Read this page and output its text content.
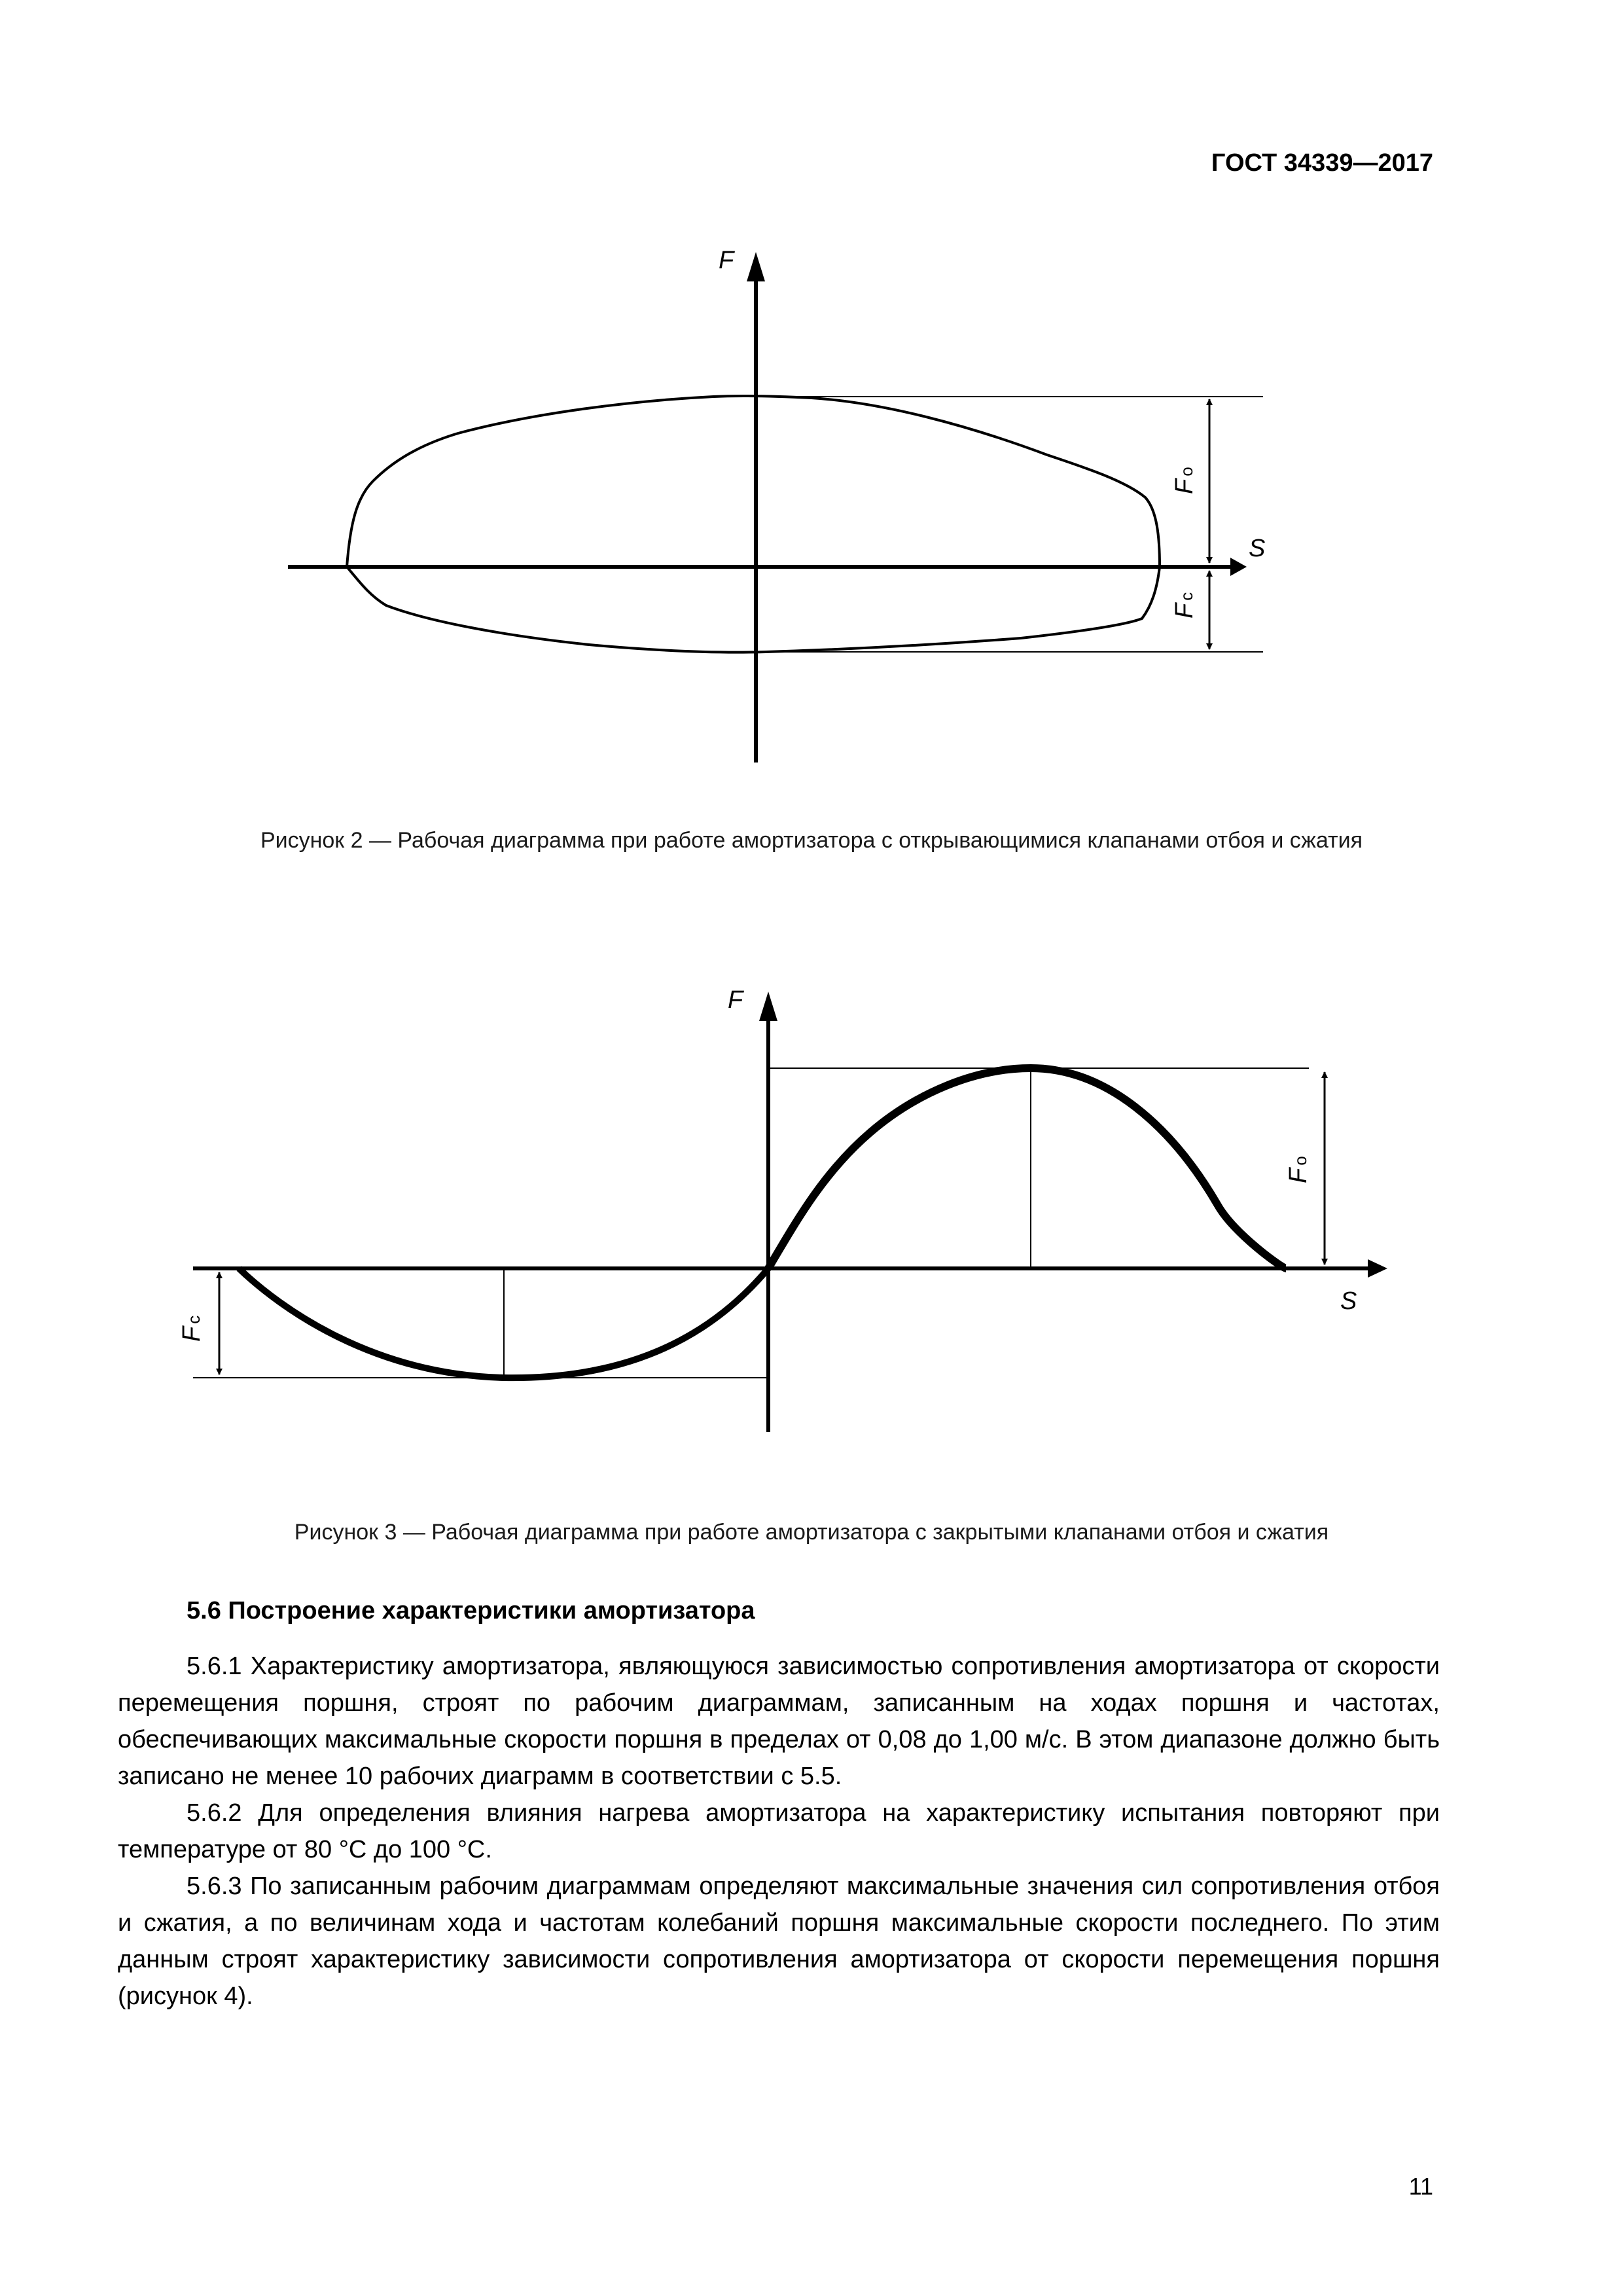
ГОСТ 34339—2017
F
S
Fo
Fc
Рисунок 2 — Рабочая диаграмма при работе амортизатора с открывающимися клапанами отбоя и сжатия
F
S
Fo
Fc
Рисунок 3 — Рабочая диаграмма при работе амортизатора с закрытыми клапанами отбоя и сжатия
5.6 Построение характеристики амортизатора

5.6.1 Характеристику амортизатора, являющуюся зависимостью сопротивления амортизатора от скорости перемещения поршня, строят по рабочим диаграммам, записанным на ходах поршня и частотах, обеспечивающих максимальные скорости поршня в пределах от 0,08 до 1,00 м/с. В этом диапазоне должно быть записано не менее 10 рабочих диаграмм в соответствии с 5.5.

5.6.2 Для определения влияния нагрева амортизатора на характеристику испытания повторяют при температуре от 80 °С до 100 °С.

5.6.3 По записанным рабочим диаграммам определяют максимальные значения сил сопротивления отбоя и сжатия, а по величинам хода и частотам колебаний поршня максимальные скорости последнего. По этим данным строят характеристику зависимости сопротивления амортизатора от скорости перемещения поршня (рисунок 4).

11
